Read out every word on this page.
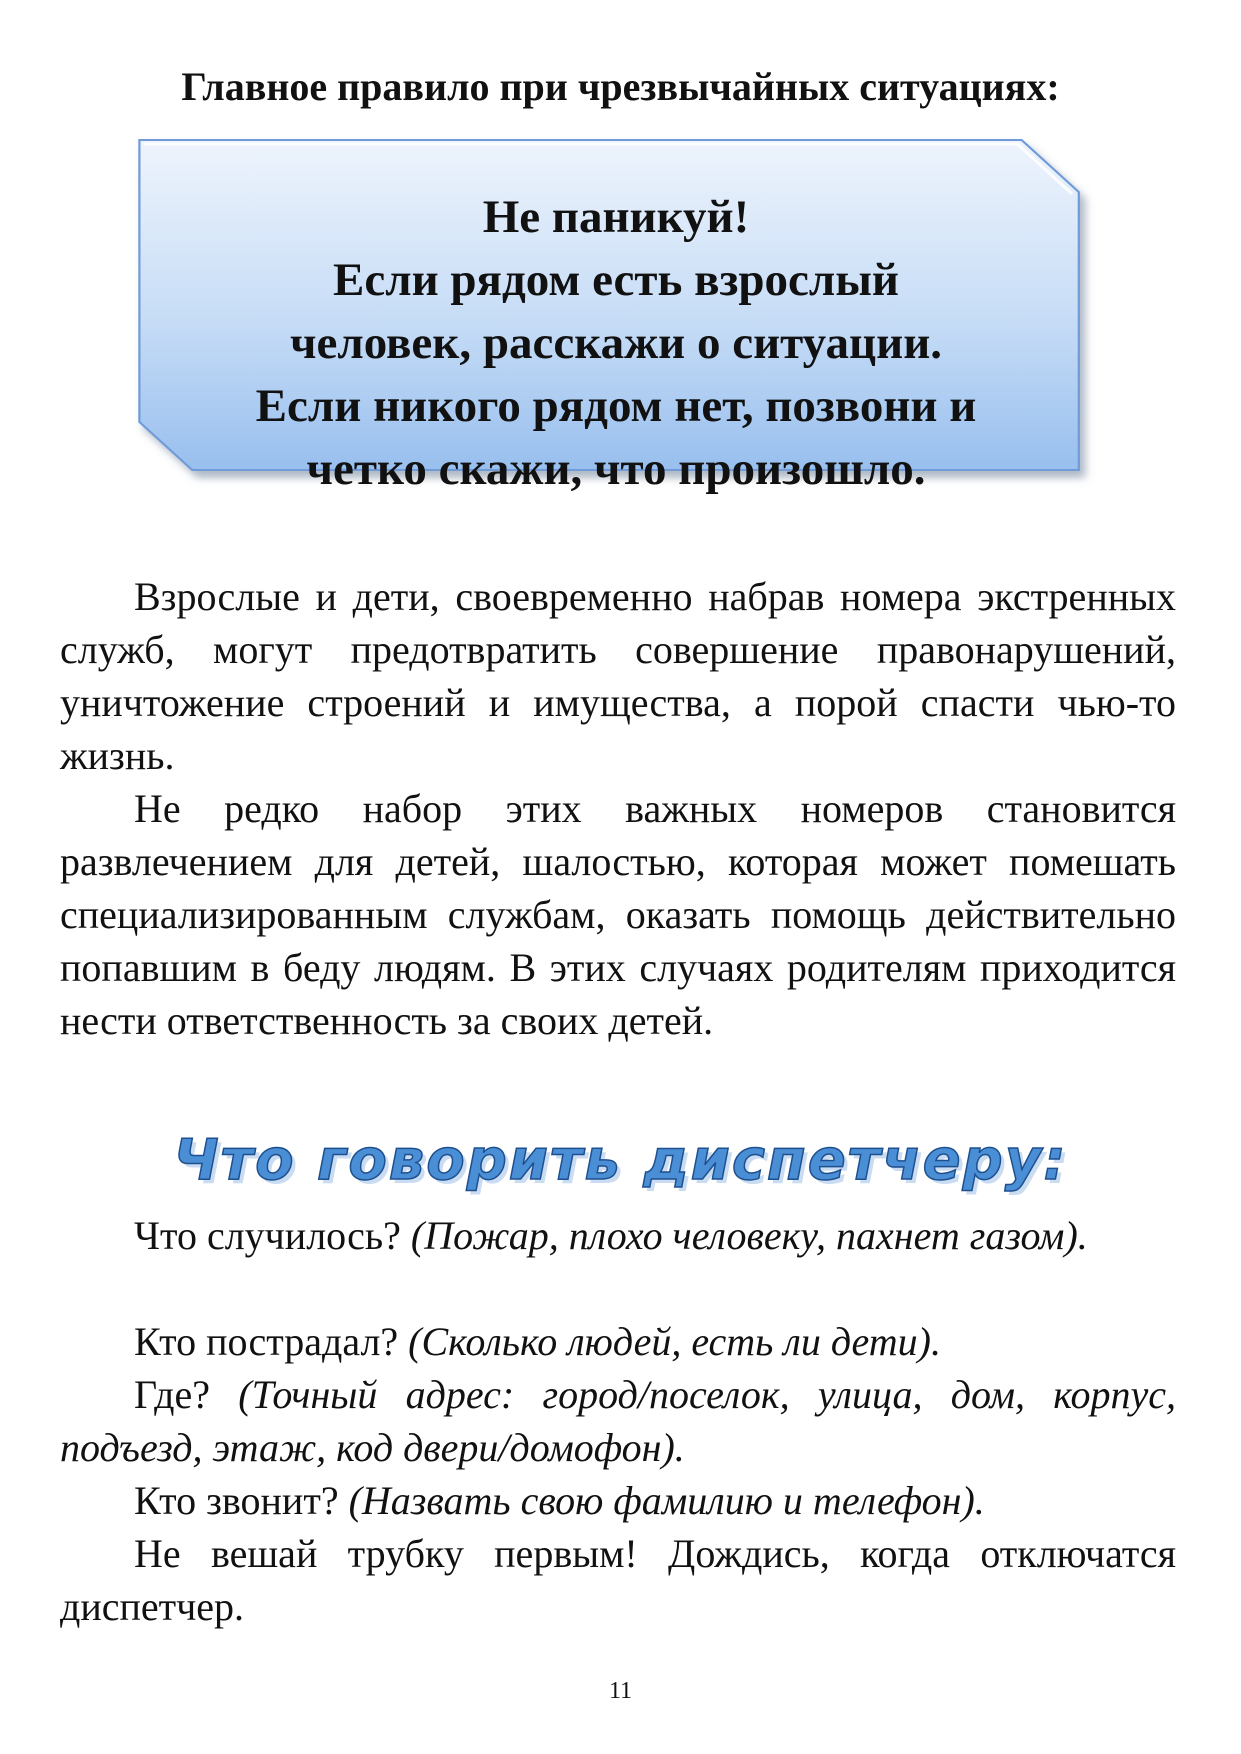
Главное правило при чрезвычайных ситуациях:
Не паникуй!
Если рядом есть взрослый
человек, расскажи о ситуации.
Если никого рядом нет, позвони и
четко скажи, что произошло.

Взрослые и дети, своевременно набрав номера экстренных служб, могут предотвратить совершение правонарушений, уничтожение строений и имущества, а порой спасти чью-то жизнь.

Не редко набор этих важных номеров становится развлечением для детей, шалостью, которая может помешать специализированным службам, оказать помощь действительно попавшим в беду людям. В этих случаях родителям приходится нести ответственность за своих детей.

Что говорить диспетчеру:

Что случилось? (Пожар, плохо человеку, пахнет газом).

Кто пострадал? (Сколько людей, есть ли дети).

Где? (Точный адрес: город/поселок, улица, дом, корпус, подъезд, этаж, код двери/домофон).

Кто звонит? (Назвать свою фамилию и телефон).

Не вешай трубку первым! Дождись, когда отключатся диспетчер.

11
